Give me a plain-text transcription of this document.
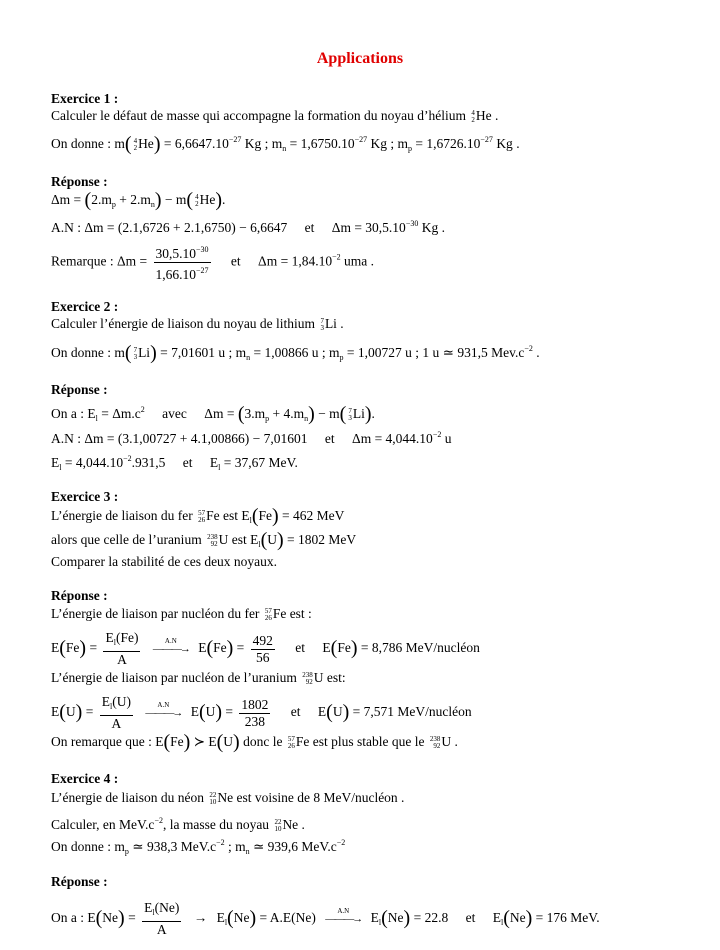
Applications
Exercice 1 :
Calculer le défaut de masse qui accompagne la formation du noyau d’hélium 4
2He .
On donne : m( 4
$2He) = 6,6647.10^{-27}$ Kg ; $m_n = 1,6750.10^{-27}$ Kg ; $m_p = 1,6726.10^{-27}$ Kg .
Réponse :
$\Delta m = (2.m_p + 2.m_n) - m$( 4
2He).
A.N : Δm = (2.1,6726 + 2.1,6750) − 6,6647 et $\Delta m = 30,5.10^{-30}$ Kg .
Remarque : $\Delta m = \frac{30,5.10^{-30}}{1,66.10^{-27}}$ et $\Delta m = 1,84.10^{-2}$ uma .
Exercice 2 :
Calculer l’énergie de liaison du noyau de lithium 7
3Li .
On donne : m( 7
3Li) = 7,01601 u ; $m_n = 1,00866$ u ; $m_p = 1,00727$ u ; 1 u ≃ 931,5 $Mev.c^{-2}$ .
Réponse :
On a : $E_l = \Delta m.c^2$ avec $\Delta m = (3.m_p + 4.m_n) - m$( 7
3Li).
A.N : Δm = (3.1,00727 + 4.1,00866) − 7,01601 et $\Delta m = 4,044.10^{-2}$ u
$E_l = 4,044.10^{-2}.931,5$ et $E_l = 37,67$ MeV.
Exercice 3 :
L’énergie de liaison du fer 57
26Fe est $E_l(Fe) = 462$ MeV
alors que celle de l’uranium 238
92U est $E_l(U) = 1802$ MeV
Comparer la stabilité de ces deux noyaux.
Réponse :
L’énergie de liaison par nucléon du fer 57
26Fe est :
$E(Fe) = \frac{E_l(Fe)}{A}$
	A.N
———→ $E(Fe) = \frac{492}{56}$ et E(Fe) = 8,786 MeV/nucléon
L’énergie de liaison par nucléon de l’uranium 238
92U est:
$E(U) = \frac{E_l(U)}{A}$
	A.N
———→ $E(U) = \frac{1802}{238}$ et E(U) = 7,571 MeV/nucléon
On remarque que : E(Fe) ≻ E(U) donc le 57
26Fe est plus stable que le 238
92U .
Exercice 4 :
L’énergie de liaison du néon 22
10Ne est voisine de 8 MeV/nucléon .
Calculer, en $MeV.c^{-2}$, la masse du noyau 22
10Ne .
On donne : $m_p$ ≃ 938,3 $MeV.c^{-2}$ ; $m_n$ ≃ 939,6 $MeV.c^{-2}$
Réponse :
On a : $E(Ne) = \frac{E_l(Ne)}{A} \to E_l(Ne) = A.E(Ne)$	A.N
———→ $E_l(Ne) = 22.8$ et $E_l(Ne) = 176$ MeV.
